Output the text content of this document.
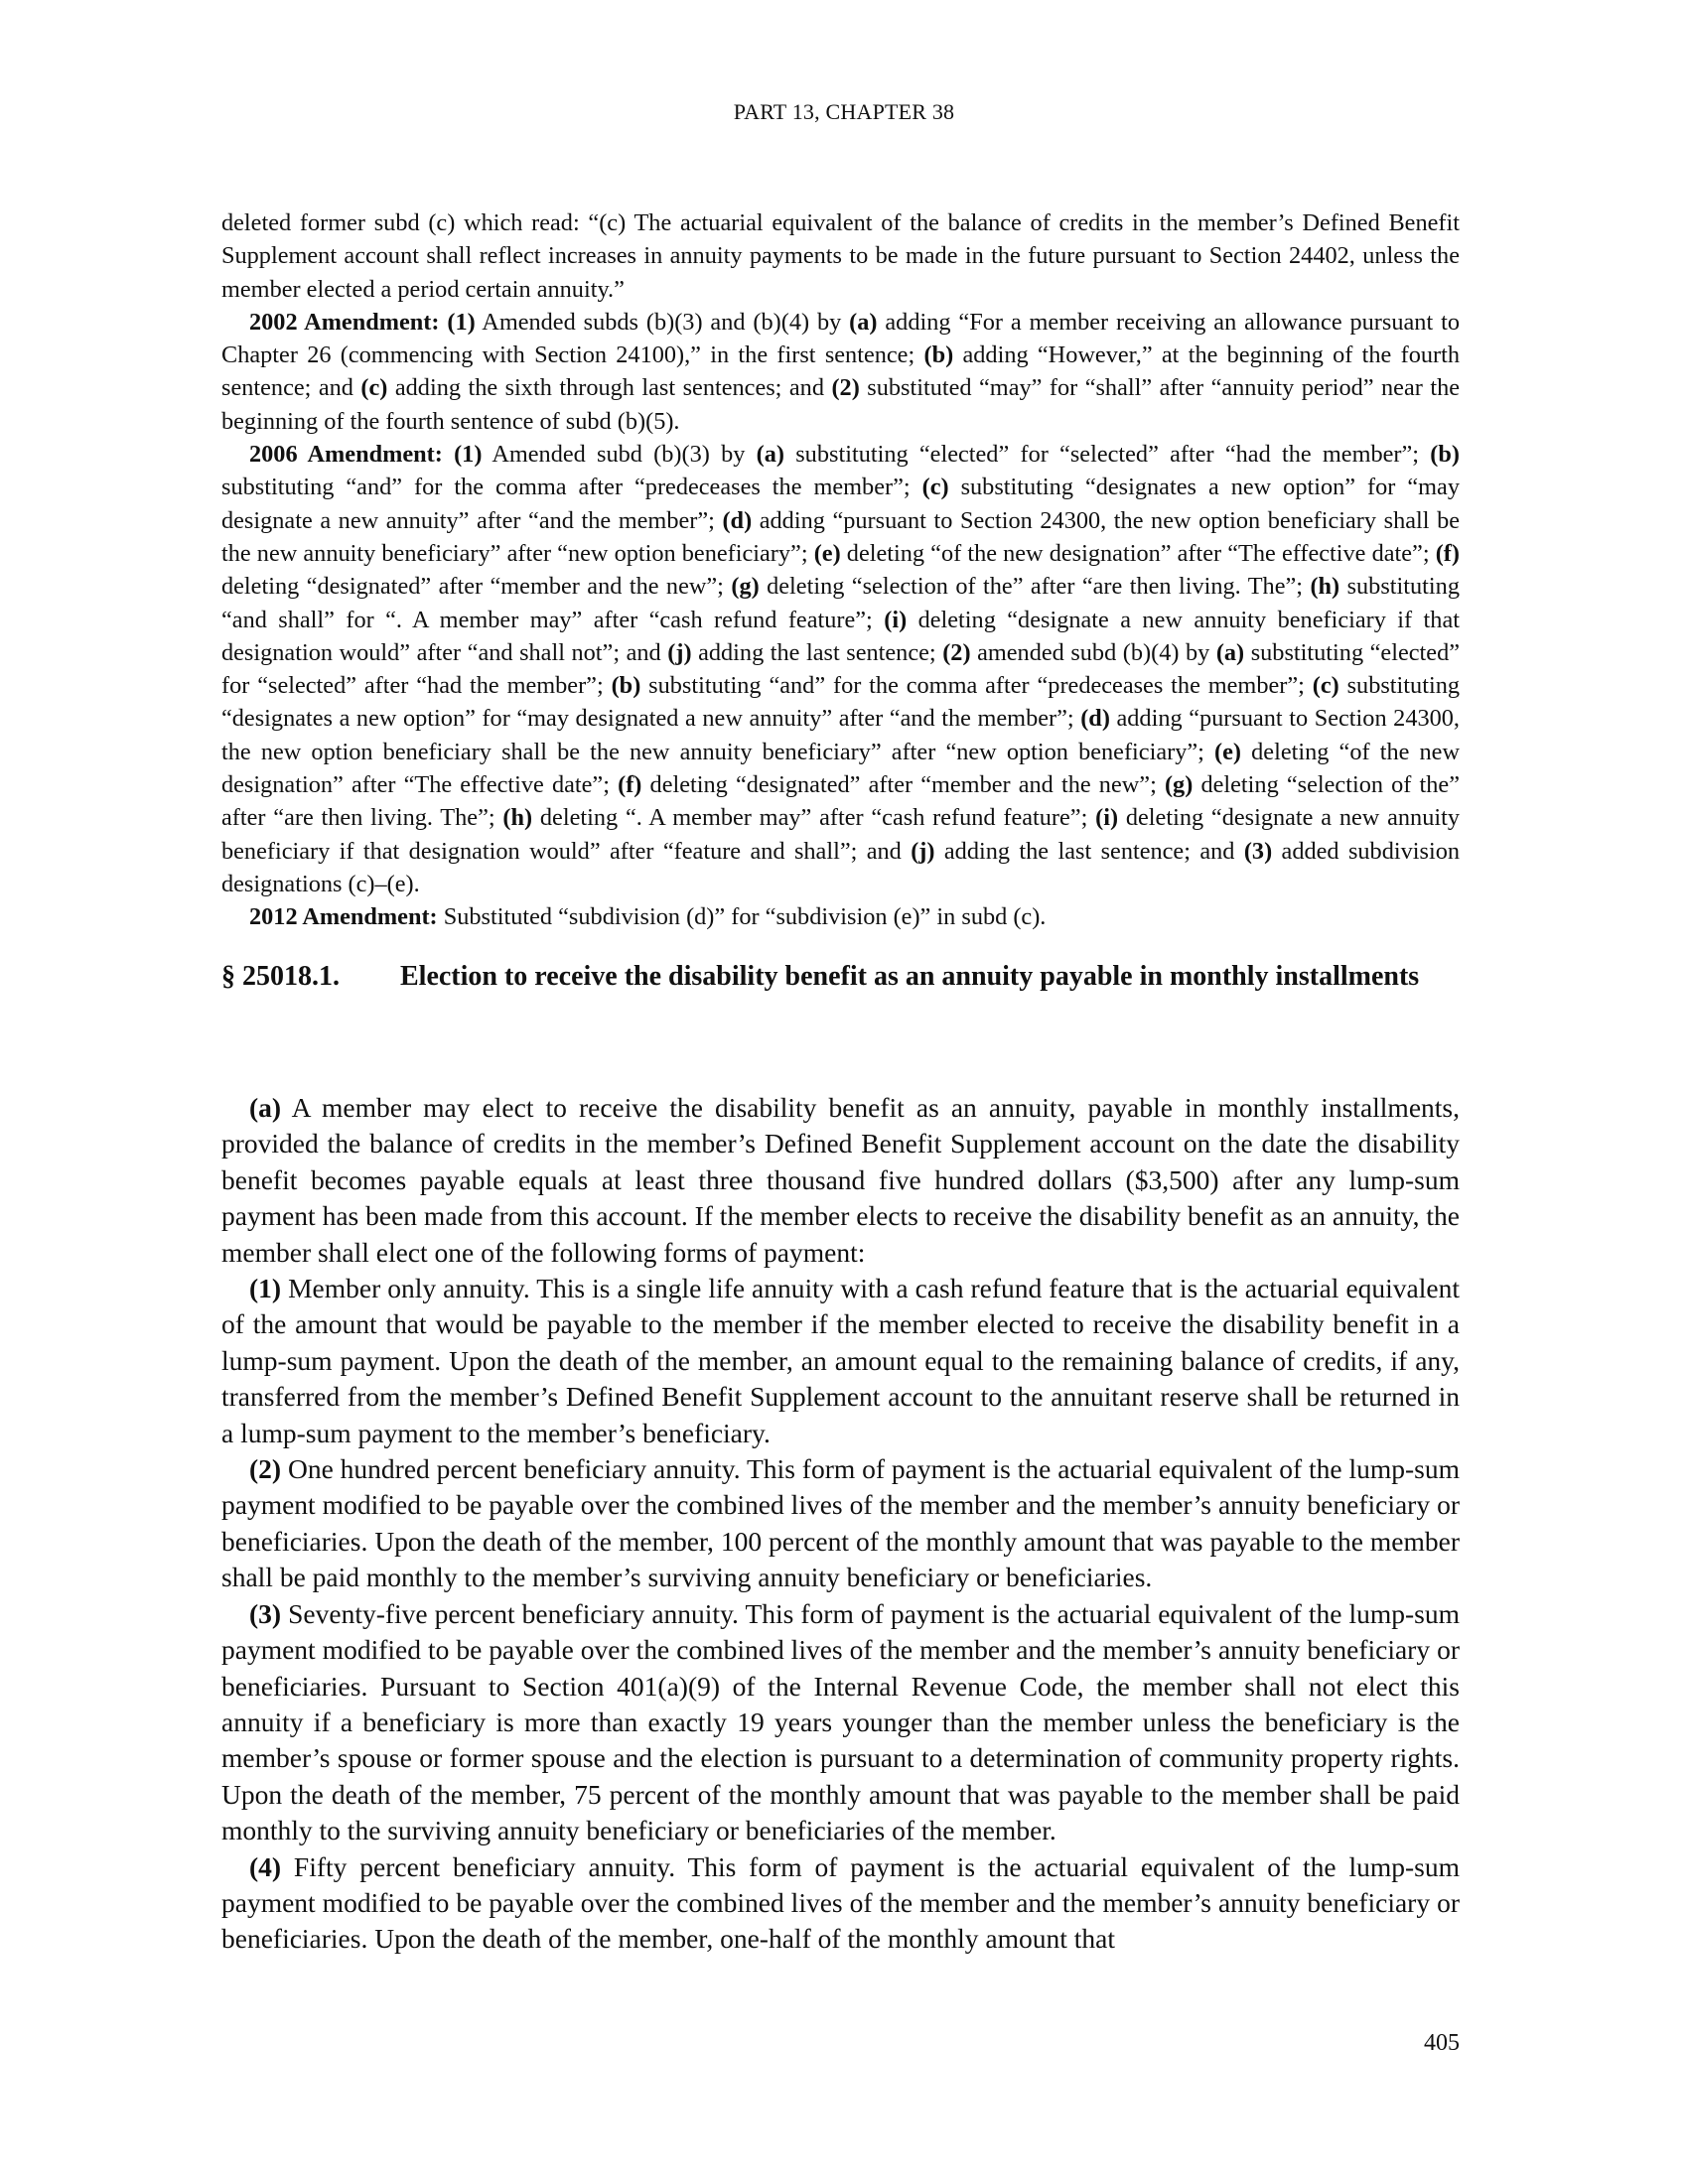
PART 13, CHAPTER 38

deleted former subd (c) which read: “(c) The actuarial equivalent of the balance of credits in the member’s Defined Benefit Supplement account shall reflect increases in annuity payments to be made in the future pursuant to Section 24402, unless the member elected a period certain annuity.”

2002 Amendment: (1) Amended subds (b)(3) and (b)(4) by (a) adding “For a member receiving an allowance pursuant to Chapter 26 (commencing with Section 24100),” in the first sentence; (b) adding “However,” at the beginning of the fourth sentence; and (c) adding the sixth through last sentences; and (2) substituted “may” for “shall” after “annuity period” near the beginning of the fourth sentence of subd (b)(5).

2006 Amendment: (1) Amended subd (b)(3) by (a) substituting “elected” for “selected” after “had the member”; (b) substituting “and” for the comma after “predeceases the member”; (c) substituting “designates a new option” for “may designate a new annuity” after “and the member”; (d) adding “pursuant to Section 24300, the new option beneficiary shall be the new annuity beneficiary” after “new option beneficiary”; (e) deleting “of the new designation” after “The effective date”; (f) deleting “designated” after “member and the new”; (g) deleting “selection of the” after “are then living. The”; (h) substituting “and shall” for “. A member may” after “cash refund feature”; (i) deleting “designate a new annuity beneficiary if that designation would” after “and shall not”; and (j) adding the last sentence; (2) amended subd (b)(4) by (a) substituting “elected” for “selected” after “had the member”; (b) substituting “and” for the comma after “predeceases the member”; (c) substituting “designates a new option” for “may designated a new annuity” after “and the member”; (d) adding “pursuant to Section 24300, the new option beneficiary shall be the new annuity beneficiary” after “new option beneficiary”; (e) deleting “of the new designation” after “The effective date”; (f) deleting “designated” after “member and the new”; (g) deleting “selection of the” after “are then living. The”; (h) deleting “. A member may” after “cash refund feature”; (i) deleting “designate a new annuity beneficiary if that designation would” after “feature and shall”; and (j) adding the last sentence; and (3) added subdivision designations (c)–(e).

2012 Amendment: Substituted “subdivision (d)” for “subdivision (e)” in subd (c).

§ 25018.1. Election to receive the disability benefit as an annuity payable in monthly installments

(a) A member may elect to receive the disability benefit as an annuity, payable in monthly installments, provided the balance of credits in the member’s Defined Benefit Supplement account on the date the disability benefit becomes payable equals at least three thousand five hundred dollars ($3,500) after any lump-sum payment has been made from this account. If the member elects to receive the disability benefit as an annuity, the member shall elect one of the following forms of payment:

(1) Member only annuity. This is a single life annuity with a cash refund feature that is the actuarial equivalent of the amount that would be payable to the member if the member elected to receive the disability benefit in a lump-sum payment. Upon the death of the member, an amount equal to the remaining balance of credits, if any, transferred from the member’s Defined Benefit Supplement account to the annuitant reserve shall be returned in a lump-sum payment to the member’s beneficiary.

(2) One hundred percent beneficiary annuity. This form of payment is the actuarial equivalent of the lump-sum payment modified to be payable over the combined lives of the member and the member’s annuity beneficiary or beneficiaries. Upon the death of the member, 100 percent of the monthly amount that was payable to the member shall be paid monthly to the member’s surviving annuity beneficiary or beneficiaries.

(3) Seventy-five percent beneficiary annuity. This form of payment is the actuarial equivalent of the lump-sum payment modified to be payable over the combined lives of the member and the member’s annuity beneficiary or beneficiaries. Pursuant to Section 401(a)(9) of the Internal Revenue Code, the member shall not elect this annuity if a beneficiary is more than exactly 19 years younger than the member unless the beneficiary is the member’s spouse or former spouse and the election is pursuant to a determination of community property rights. Upon the death of the member, 75 percent of the monthly amount that was payable to the member shall be paid monthly to the surviving annuity beneficiary or beneficiaries of the member.

(4) Fifty percent beneficiary annuity. This form of payment is the actuarial equivalent of the lump-sum payment modified to be payable over the combined lives of the member and the member’s annuity beneficiary or beneficiaries. Upon the death of the member, one-half of the monthly amount that

405
